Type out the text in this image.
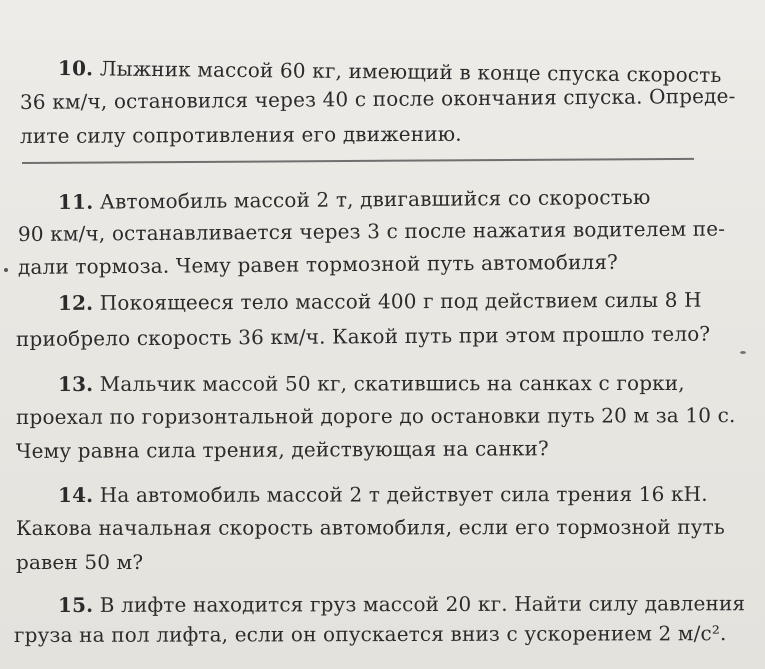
10. Лыжник массой 60 кг, имеющий в конце спуска скорость
36 км/ч, остановился через 40 с после окончания спуска. Опреде-
лите силу сопротивления его движению.
11. Автомобиль массой 2 т, двигавшийся со скоростью
90 км/ч, останавливается через 3 с после нажатия водителем пе-
дали тормоза. Чему равен тормозной путь автомобиля?
12. Покоящееся тело массой 400 г под действием силы 8 Н
приобрело скорость 36 км/ч. Какой путь при этом прошло тело?
13. Мальчик массой 50 кг, скатившись на санках с горки,
проехал по горизонтальной дороге до остановки путь 20 м за 10 с.
Чему равна сила трения, действующая на санки?
14. На автомобиль массой 2 т действует сила трения 16 кН.
Какова начальная скорость автомобиля, если его тормозной путь
равен 50 м?
15. В лифте находится груз массой 20 кг. Найти силу давления
груза на пол лифта, если он опускается вниз с ускорением 2 м/с².
